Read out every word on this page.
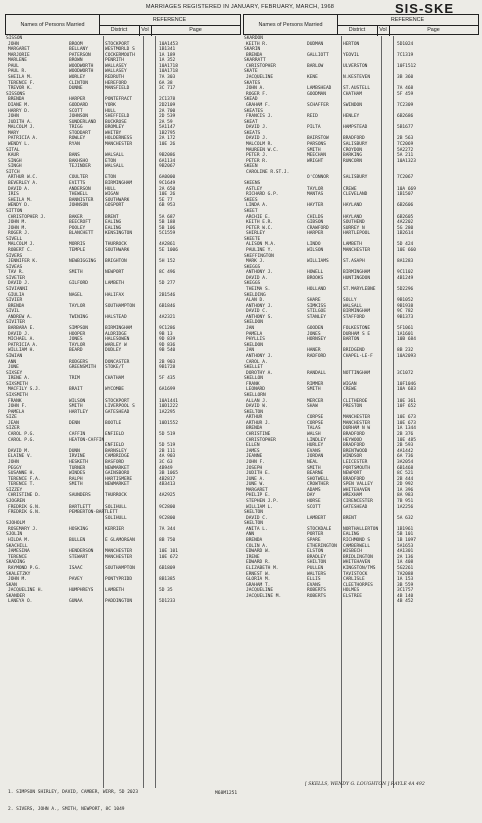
MARRIAGES REGISTERED IN JANUARY, FEBRUARY, MARCH, 1968	SIS-SKE
Names of Persons Married
REFERENCE
District	Vol	Page
Names of Persons Married
REFERENCE
District	Vol	Page
SISSON
JOHN	BROOM	STOCKPORT	10A1453
MARGARET	BELLANY	WESTMORLD S	1B1341
MARJORIE	PATERSON	COCKERMOUTH	1A 189
MARLENE	BROWN	PENRITH	1A 352
PAUL	WOODWORTH	WALLASEY	10A1718
PAUL R.	WOODWORTH	WALLASEY	10A1718
SHEILA M.	WORLEY	REDRUTH	7A 303
TERENCE F.	CLINTON	HEREFORD	6A 38
TREVOR K.	DUNNE	MANSFIELD	3C 717
SISSONS
BRENDA	HARPER	PONTEFRACT	2C1378
DIANE M.	GODDARD	YORK	2D2109
HARRY D.	SCOTT	HULL	2A 700
JOHN	JOHNSON	SHEFFIELD	2D 539
JUDITH A.	SUNDERLAND BUCKROSE	2A 59
MALCOLM J.	TRIGG	BROMLEY	5A1147
MARY	STODDART	WHITBY	1B2795
PATRICIA A.	ROWLEY	HOLDERNESS	2A 172
WENDY L.	RYAN	MANCHESTER	10E 26
SITAL
KAUR	BANS	WALSALL	9B2086
SINGH	BAKHSHO	ETON	6A1134
SINGH	TEJINDER	WALSALL	9B2067
SITCH
ARTHUR W.C.	COULTER	ETON	6A0000
BEVERLEY A.	EVITTS	BIRMINGHAM	9C1649
DAVID A.	ANDERSON	HULL	2A 650
IRIS	THEWELL	WIGAN	10E 26
SHEILA M.	BANNISTER	SOUTHWARK	5E 77
WENDY D.	JOHNSON	GOSPORT	6B 953
SITTON
CHRISTOPHER J.	BAKER	BRENT	5A 687
JOHN M.	BEECROFT	EALING	5B 188
JOHN M.	POOLEY	EALING	5B 106
ROGER J.	BLANCHETT	KENSINGTON	5C1559
SIVELL
MALCOLM J.	MORRIS	THURROCK	4A2861
ROBERT C.	TEMPLE	SOUTHWARK	5E 1006
SIVERS
JENNIFER K.	NEWBIGGING BRIGHTON	5H 152
SIVEAS
TAV R.	SMITH	NEWPORT	8C 496
SIVETER
DAVID J.	GILFORD	LAMBETH	5D 277
SIVIANNI
GIULIA	NAGEL	HALIFAX	2B1546
SIVIER
BRENDA	TAYLOR	SOUTHAMPTON	6B1846
SIVIL
ANDREW A.	TWINING	HALSTEAD	4A2321
SIVITER
BARBARA E.	SIMPSON	BIRMINGHAM	9C1286
DAVID J.	HOOPER	ALDRIDGE	9B 13
MICHAEL A.	JONES	HALESOWEN	9D 839
PATRICIA A.	TAYLOR	WARLEY W	9D 836
WILLIAM H.	BEARD	DUDLEY	9B 540
SIWIAN
ANN	RODGERS	DONCASTER	2B 903
JUNE	GREENSMITH STOKE/T	9B1728
SIXSEY
IRENE A.	TRIM	CHATHAM	5F 435
SIXSMITH
MACFILY S.J.	BRAIT	WYCOMBE	6A1699
SIXSMITH
FRANK	WILSON	STOCKPORT	10A1441
JOHN F.	SMITH	LIVERPOOL S	10D1222
PAMELA	HARTLEY	GATESHEAD	1A2295
SIZE
JEAN	DENN	BOOTLE	10D1552
SIZER
CAROL P.G.	CAFFIN	ENFIELD	5D 519
CAROL P.G.	HEATON-CAFFIN
ENFIELD	5D 519
DAVID M.	DUNN	BARNSLEY	2B 111
ELAINE V.	IRVINE	CAMBRIDGE	4A 903
JOHN	HESKETH	BASFORD	3C 63
PEGGY	TURNER	NEWMARKET	4B949
SUSANNE H.	WINDES	GAINSBORO	3B 1065
TERENCE F.A.	RALPH	HARTISMERE	4B2817
TERENCE T.	SMITH	NEWMARKET	4B3413
SIZZEY
CHRISTINE D.	SAUNDERS	THURROCK	4A2925
SJOGREN
FREDRIK G.N.	BARTLETT	SOLIHULL	9C2800
FREDRIK G.N.	PEMBERTON-BARTLETT
SOLIHULL	9C2800
SJOHOLM
ROSEMARY J.	HOSKING	KERRIER	7A 344
SJOLIN
HILDA M.	BULLEN	E GLAMORGAN	8B 750
SKACHILL
JAMESINA	HENDERSON	MANCHESTER	10E 101
TERENCE	STEWART	MANCHESTER	10E 672
SKADING
RAYMOND P.G.	ISAAC	SOUTHAMPTON	6B1809
SKALETZKY
JOHN M.	PAVEY	PONTYPRIDD	8B1385
SKAN
JACQUELINE H.	HUMPHREYS	LAMBETH	5D 35
SKANDER
LANEYA O.	GUNAA	PADDINGTON	5D1233
SKARDON
KEITH R.	DUDMAN	HERTON	5D1024
SKARIN
BRENDA	GALLIOTT	YEOVIL	7C1319
SKARRATT
CHRISTOPHER	BARLOW	ULVERSTON	10F1512
SKATE
JACQUELINE	KENE	N.KESTEVEN	3B 360
SKATES
JOHN A.	LAMBSHEAD	ST.AUSTELL	7A 468
ROGER F.	GOODMAN	CHATHAM	5F 459
SKEAD
GRAHAM F.	SCHAFFER	SWINDON	7C2309
SKEATES
FRANCIS J.	REID	HENLEY	6B2686
SKEAT
DAVID J.	PILTA	HAMPSTEAD	5B1677
SKEATS
DAVID J.	BAIRSTOW	BRADFORD	2B 563
MALCOLM R.	PARSONS	SALISBURY	7C2069
MAUREEN W.C.	SMITH	CROYDON	5A2272
PETER J.	MEECHAN	BARKING	5A 211
PETER R.	WRIGHT	RUNCORN	10A1323
SKEEN
CAROLINE R.ST.J.
O'CONNOR	SALISBURY	7C2067
SKEENS
ASTLEY	TAYLOR	CREWE	10A 669
RICHARD G.P.	MANTAS	CLEVELAND	1B1507
SKEES
LINDA A.	HAYTER	HAYLAND	6B2606
SKEET
ARCHIE E.	CHILDS	HAYLAND	6B2605
KEITH E.R.	GIBSON	SOUTHEND	4A2202
PETER W.C.	CRAWFORD	SURREY N	5G 280
SHIRLEY	HARPER	HARTLEPOOL	1B2614
SKEETE
ALISON M.A.	LINDO	LAMBETH	5D 424
PAULINE Y.	WILSON	MANCHESTER	10E 660
SKEFFINGTON
MARK J.	WILLIAMS	ST.ASAPH	8A1283
SKEGGS
ANTHONY J.	HOWELL	BIRMINGHAM	9C1102
DAVID A.	BROOKS	HUNTINGDON	4B1249
SKEGGS
THEIMA S.	HOLLAND	ST.MARYLEBNE	5D2296
SKELDING
ALAN D.	SHARE	SOLLY	9B1052
ANTHONY J.	SIMKISS	WALSALL	9B1938
DAVID C.	STILGOE	BIRMINGHAM	9C 782
ANTHONY S.	STANLEY	STAFFORD	9B1373
SKELDON
JAN	GOODEN	FOLKESTONE	5F1061
PAMELA	JONES	DURHAM S E	1A1601
PHYLLIS	HORNSEY	BARTON	10B 684
SKELDON
JAN	HANER	BRIDGEND	8B 232
ANTHONY J.	RADFORD	CHAPEL-LE-F	10A2093
CAROL A.
SKELLET
DOROTHY A.	RANDALL	NOTTINGHAM	3C1072
SKELLON
FRANK	RIMMER	WIGAN	10F1046
LEONARD	SMITH	CREWE	10A 683
SKELLORN
ALLAN J.	MERCER	CLITHEROE	10E 361
DAVID W.	SHAW	PRESTON	10F 652
SKELTON
ARTHUR	CORPSE	MANCHESTER	10E 673
ARTHUR J.	CORPSE	MANCHESTER	10E 673
BRENDA	TALAS	DURHAM N W	1A 1344
CHRISTINE	WALSH	BRADFORD	2B 376
CHRISTOPHER	LINDLEY	HEYWOOD	10E 485
ELLEN	HURLEY	BRADFORD	2B 593
JAMES	EVANS	BRENTWOOD	4A1442
JEANNE	JORDAN	WINDSOR	6A 736
JOHN F.	NEAL	LEICESTER	3A2054
JOSEPH	SMITH	PORTSMOUTH	6B1468
JUDITH E.	BEARNE	NEWPORT	8C 521
JUNE A.	SHOTWELL	BRADFORD	2B 444
JUNE W.	CROWTHER	SPEN VALLEY	2D 992
MARGARET	ADAMS	WHITEHAVEN	1A 396
PHILIP E.	DAY	WREXHAM	8A 983
STEPHEN J.P.	HORSE	CIRENCESTER	7B 951
WILLIAM L.	SCOTT	GATESHEAD	1A2256
SKELTON
DAVID C.	LAMBERT	BRENT	5A 632
SKELTON
ANITA L.	STOCKDALE	NORTHALLERTON	1B1961
ANN	PORTER	EALING	5B 101
BRENDA	SPARE	RICHMOND S	1B 1097
COLIN A.	ETHERINGTON CAMBERWELL	5A1653
EDWARD W.	ELSTON	WISBECH	4A1301
IRENE	BRADLEY	BRIDLINGTON	2A 136
EDWARD R.	SHILTON	WHITEHAVEN	1A 408
ELIZABETH M.	PULLEN	KINGSTON/TMS	5G2261
ERNEST W.	WALTERS	TAVISTOCK	7A2088
GLORIA M.	ELLIS	CARLISLE	1A 153
GRAHAM T.	EVANS	CLEETHORPES	3B 559
JACQUELINE	ROBERTS	HOLMES	3C1757
JACQUELINE M.	ROBERTS	ELSTREE	4B 140
4B 452

1. SIMPSON SHIRLEY, DAVID, CAMBER, WIRR, 5D 2023

2. SIVERS, JOHN A., SMITH, NEWPORT, 8C 1049

[ SKELLS, WENDY G. LOUGHTON ] RAYLE 4A 492
M68M1251
